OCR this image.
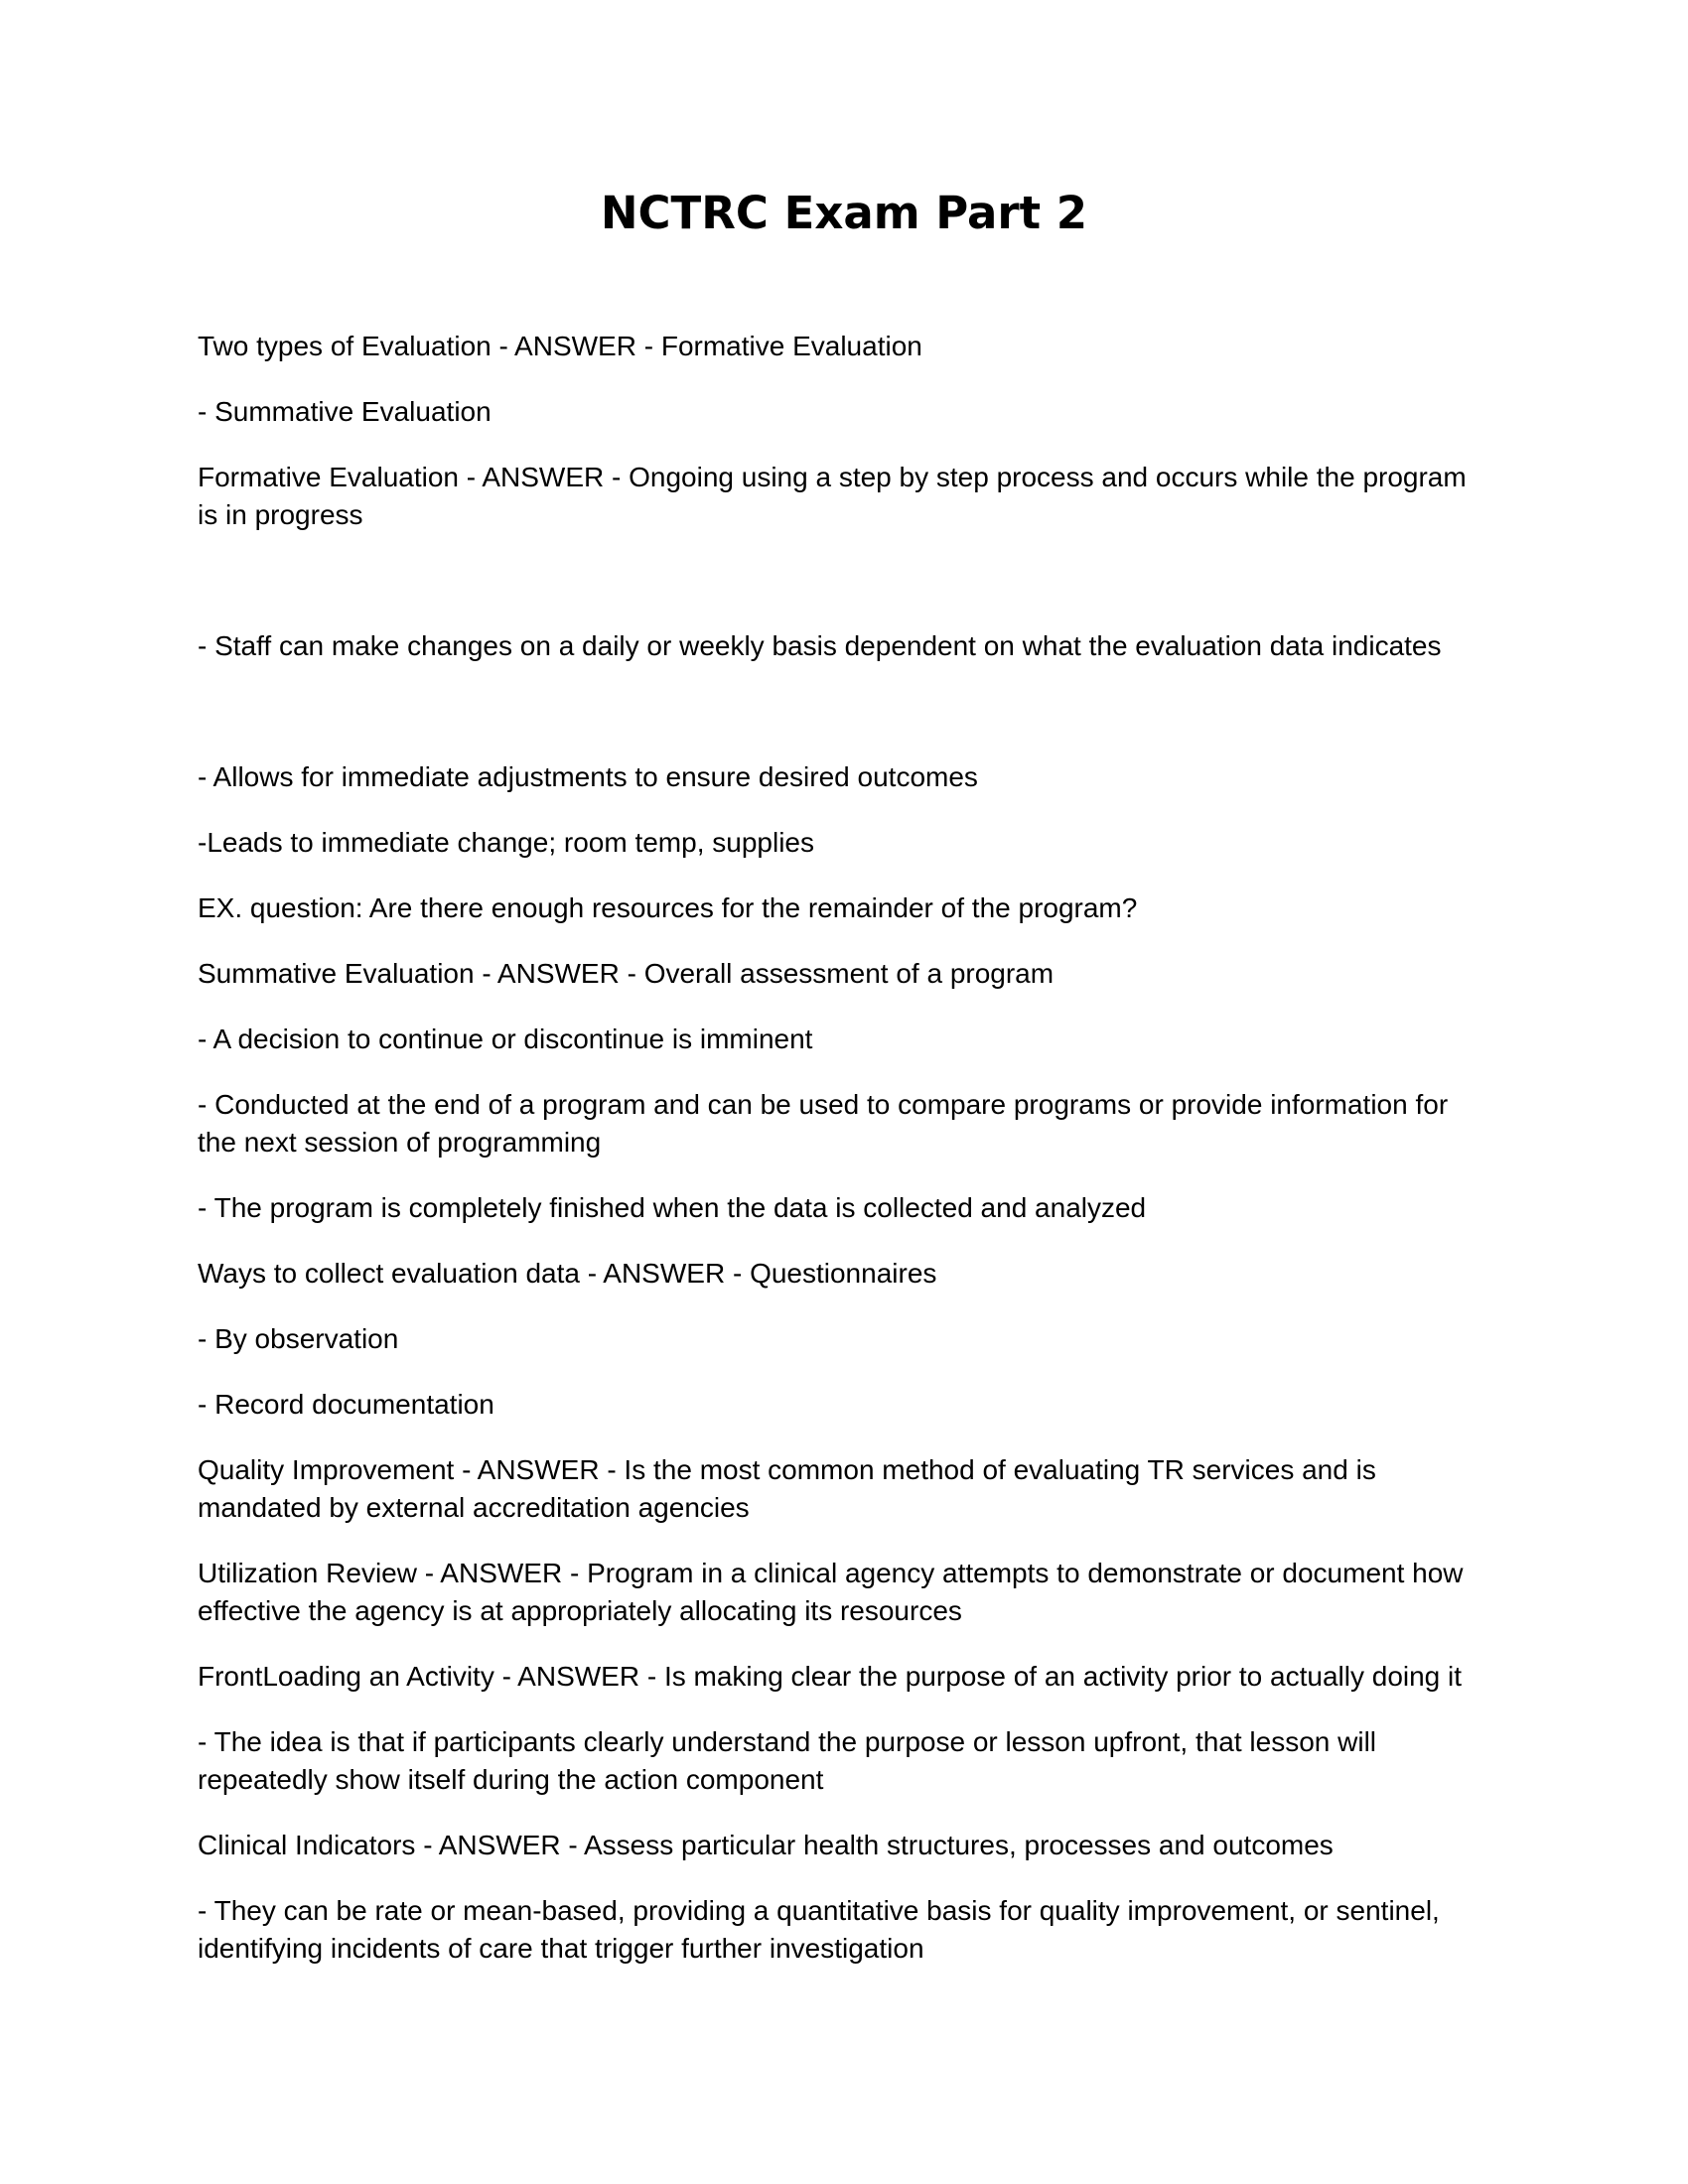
NCTRC Exam Part 2

Two types of Evaluation - ANSWER - Formative Evaluation

- Summative Evaluation

Formative Evaluation - ANSWER - Ongoing using a step by step process and occurs while the program is in progress

- Staff can make changes on a daily or weekly basis dependent on what the evaluation data indicates

- Allows for immediate adjustments to ensure desired outcomes

-Leads to immediate change; room temp, supplies

EX. question: Are there enough resources for the remainder of the program?

Summative Evaluation - ANSWER - Overall assessment of a program

- A decision to continue or discontinue is imminent

- Conducted at the end of a program and can be used to compare programs or provide information for the next session of programming

- The program is completely finished when the data is collected and analyzed

Ways to collect evaluation data - ANSWER - Questionnaires

- By observation

- Record documentation

Quality Improvement - ANSWER - Is the most common method of evaluating TR services and is mandated by external accreditation agencies

Utilization Review - ANSWER - Program in a clinical agency attempts to demonstrate or document how effective the agency is at appropriately allocating its resources

FrontLoading an Activity - ANSWER - Is making clear the purpose of an activity prior to actually doing it

- The idea is that if participants clearly understand the purpose or lesson upfront, that lesson will repeatedly show itself during the action component

Clinical Indicators - ANSWER - Assess particular health structures, processes and outcomes

- They can be rate or mean-based, providing a quantitative basis for quality improvement, or sentinel, identifying incidents of care that trigger further investigation
